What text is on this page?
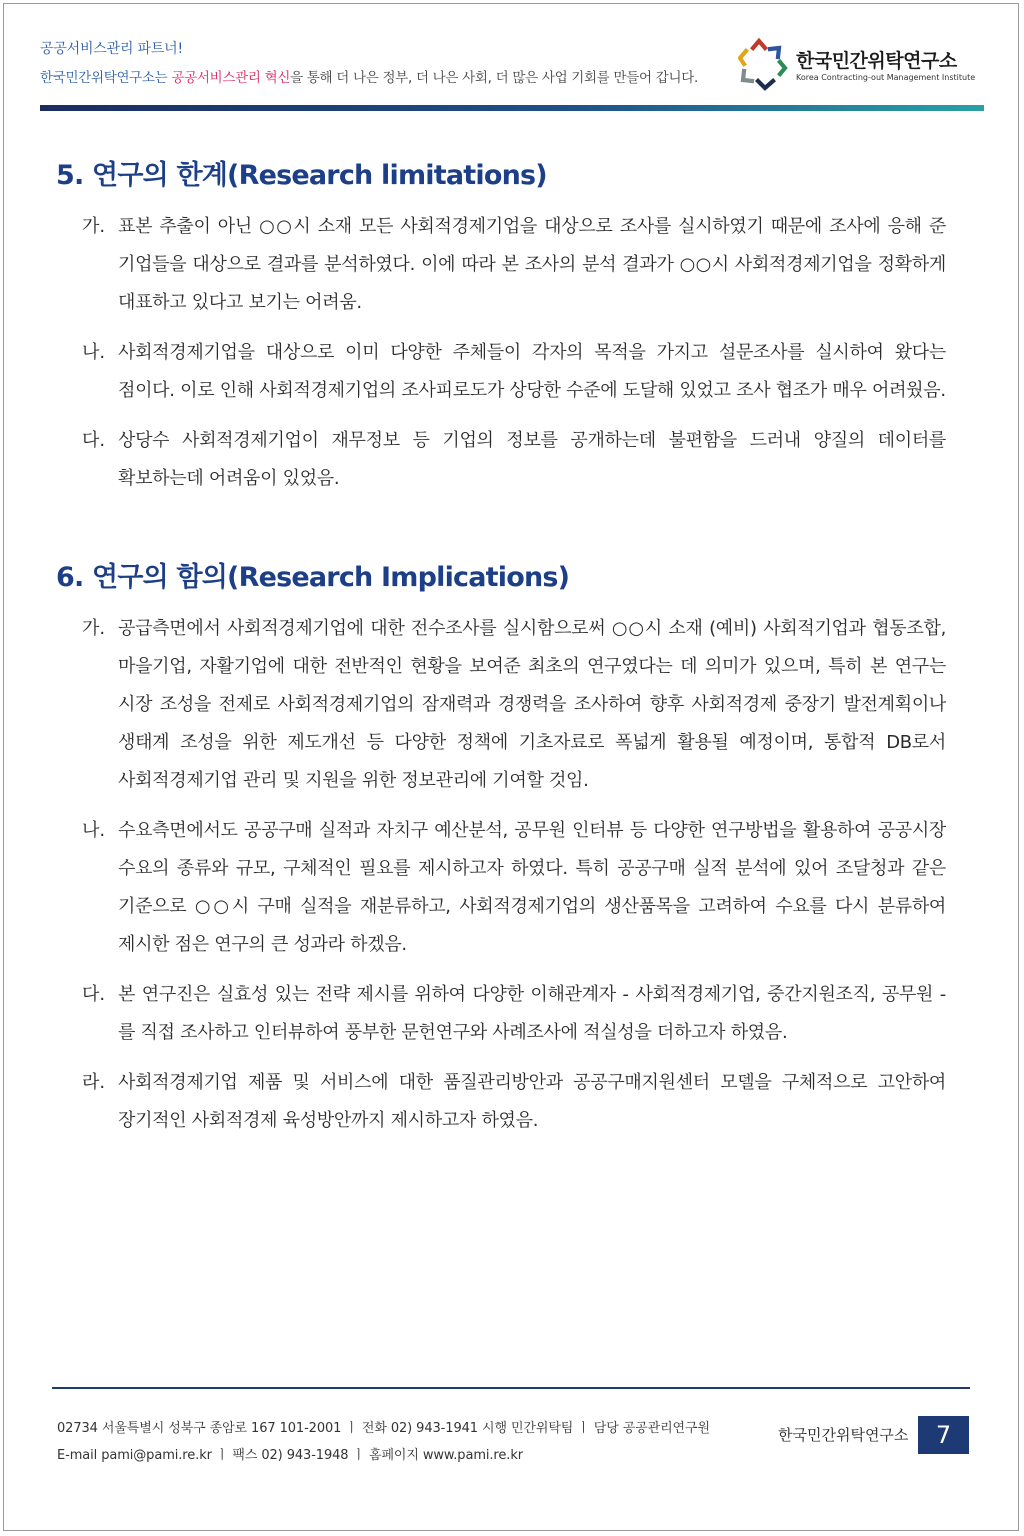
공공서비스관리 파트너!
한국민간위탁연구소는 공공서비스관리 혁신을 통해 더 나은 정부, 더 나은 사회, 더 많은 사업 기회를 만들어 갑니다.
한국민간위탁연구소
Korea Contracting-out Management Institute
5. 연구의 한계(Research limitations)
가. 표본 추출이 아닌 ○○시 소재 모든 사회적경제기업을 대상으로 조사를 실시하였기 때문에 조사에 응해 준 기업들을 대상으로 결과를 분석하였다. 이에 따라 본 조사의 분석 결과가 ○○시 사회적경제기업을 정확하게 대표하고 있다고 보기는 어려움.
나. 사회적경제기업을 대상으로 이미 다양한 주체들이 각자의 목적을 가지고 설문조사를 실시하여 왔다는 점이다. 이로 인해 사회적경제기업의 조사피로도가 상당한 수준에 도달해 있었고 조사 협조가 매우 어려웠음.
다. 상당수 사회적경제기업이 재무정보 등 기업의 정보를 공개하는데 불편함을 드러내 양질의 데이터를 확보하는데 어려움이 있었음.
6. 연구의 함의(Research Implications)
가. 공급측면에서 사회적경제기업에 대한 전수조사를 실시함으로써 ○○시 소재 (예비) 사회적기업과 협동조합, 마을기업, 자활기업에 대한 전반적인 현황을 보여준 최초의 연구였다는 데 의미가 있으며, 특히 본 연구는 시장 조성을 전제로 사회적경제기업의 잠재력과 경쟁력을 조사하여 향후 사회적경제 중장기 발전계획이나 생태계 조성을 위한 제도개선 등 다양한 정책에 기초자료로 폭넓게 활용될 예정이며, 통합적 DB로서 사회적경제기업 관리 및 지원을 위한 정보관리에 기여할 것임.
나. 수요측면에서도 공공구매 실적과 자치구 예산분석, 공무원 인터뷰 등 다양한 연구방법을 활용하여 공공시장 수요의 종류와 규모, 구체적인 필요를 제시하고자 하였다. 특히 공공구매 실적 분석에 있어 조달청과 같은 기준으로 ○○시 구매 실적을 재분류하고, 사회적경제기업의 생산품목을 고려하여 수요를 다시 분류하여 제시한 점은 연구의 큰 성과라 하겠음.
다. 본 연구진은 실효성 있는 전략 제시를 위하여 다양한 이해관계자 - 사회적경제기업, 중간지원조직, 공무원 - 를 직접 조사하고 인터뷰하여 풍부한 문헌연구와 사례조사에 적실성을 더하고자 하였음.
라. 사회적경제기업 제품 및 서비스에 대한 품질관리방안과 공공구매지원센터 모델을 구체적으로 고안하여 장기적인 사회적경제 육성방안까지 제시하고자 하였음.
02734 서울특별시 성북구 종암로 167 101-2001 ㅣ 전화 02) 943-1941 시행 민간위탁팀 ㅣ 담당 공공관리연구원
E-mail pami@pami.re.kr ㅣ 팩스 02) 943-1948 ㅣ 홈페이지 www.pami.re.kr
한국민간위탁연구소	7
